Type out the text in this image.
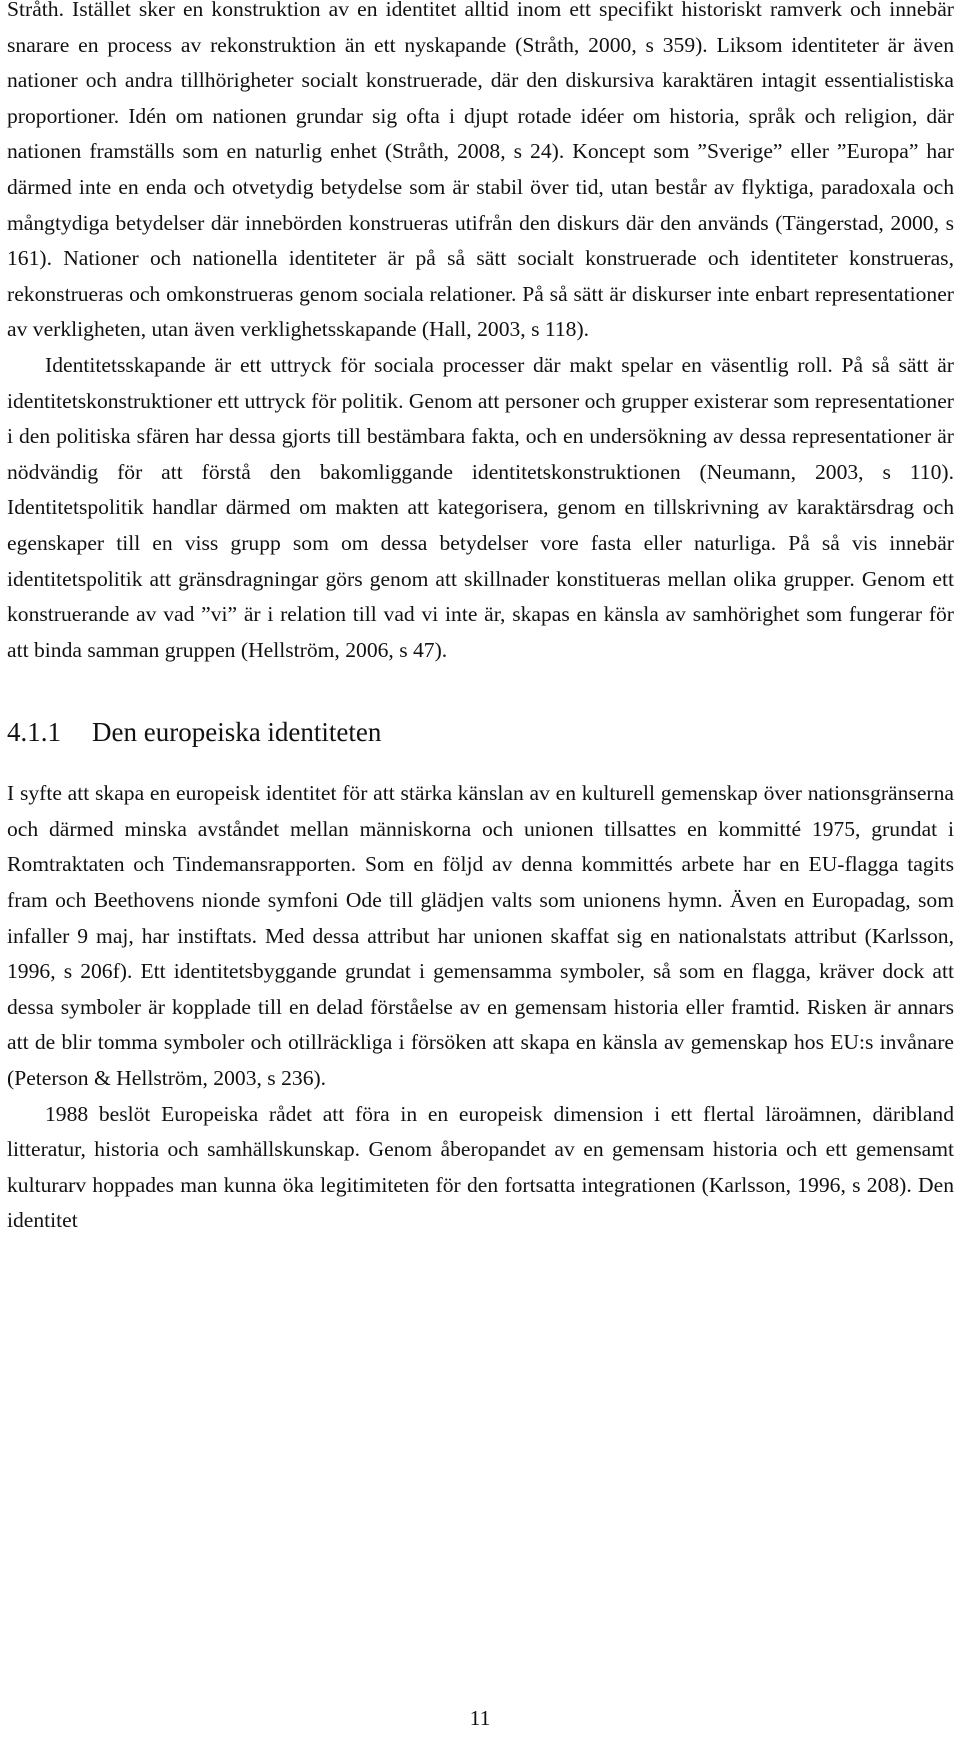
Stråth. Istället sker en konstruktion av en identitet alltid inom ett specifikt historiskt ramverk och innebär snarare en process av rekonstruktion än ett nyskapande (Stråth, 2000, s 359). Liksom identiteter är även nationer och andra tillhörigheter socialt konstruerade, där den diskursiva karaktären intagit essentialistiska proportioner. Idén om nationen grundar sig ofta i djupt rotade idéer om historia, språk och religion, där nationen framställs som en naturlig enhet (Stråth, 2008, s 24). Koncept som ”Sverige” eller ”Europa” har därmed inte en enda och otvetydig betydelse som är stabil över tid, utan består av flyktiga, paradoxala och mångtydiga betydelser där innebörden konstrueras utifrån den diskurs där den används (Tängerstad, 2000, s 161). Nationer och nationella identiteter är på så sätt socialt konstruerade och identiteter konstrueras, rekonstrueras och omkonstrueras genom sociala relationer. På så sätt är diskurser inte enbart representationer av verkligheten, utan även verklighetsskapande (Hall, 2003, s 118).

Identitetsskapande är ett uttryck för sociala processer där makt spelar en väsentlig roll. På så sätt är identitetskonstruktioner ett uttryck för politik. Genom att personer och grupper existerar som representationer i den politiska sfären har dessa gjorts till bestämbara fakta, och en undersökning av dessa representationer är nödvändig för att förstå den bakomliggande identitetskonstruktionen (Neumann, 2003, s 110). Identitetspolitik handlar därmed om makten att kategorisera, genom en tillskrivning av karaktärsdrag och egenskaper till en viss grupp som om dessa betydelser vore fasta eller naturliga. På så vis innebär identitetspolitik att gränsdragningar görs genom att skillnader konstitueras mellan olika grupper. Genom ett konstruerande av vad ”vi” är i relation till vad vi inte är, skapas en känsla av samhörighet som fungerar för att binda samman gruppen (Hellström, 2006, s 47).

4.1.1	Den europeiska identiteten

I syfte att skapa en europeisk identitet för att stärka känslan av en kulturell gemenskap över nationsgränserna och därmed minska avståndet mellan människorna och unionen tillsattes en kommitté 1975, grundat i Romtraktaten och Tindemansrapporten. Som en följd av denna kommittés arbete har en EU-flagga tagits fram och Beethovens nionde symfoni Ode till glädjen valts som unionens hymn. Även en Europadag, som infaller 9 maj, har instiftats. Med dessa attribut har unionen skaffat sig en nationalstats attribut (Karlsson, 1996, s 206f). Ett identitetsbyggande grundat i gemensamma symboler, så som en flagga, kräver dock att dessa symboler är kopplade till en delad förståelse av en gemensam historia eller framtid. Risken är annars att de blir tomma symboler och otillräckliga i försöken att skapa en känsla av gemenskap hos EU:s invånare (Peterson & Hellström, 2003, s 236).

1988 beslöt Europeiska rådet att föra in en europeisk dimension i ett flertal läroämnen, däribland litteratur, historia och samhällskunskap. Genom åberopandet av en gemensam historia och ett gemensamt kulturarv hoppades man kunna öka legitimiteten för den fortsatta integrationen (Karlsson, 1996, s 208). Den identitet

11
